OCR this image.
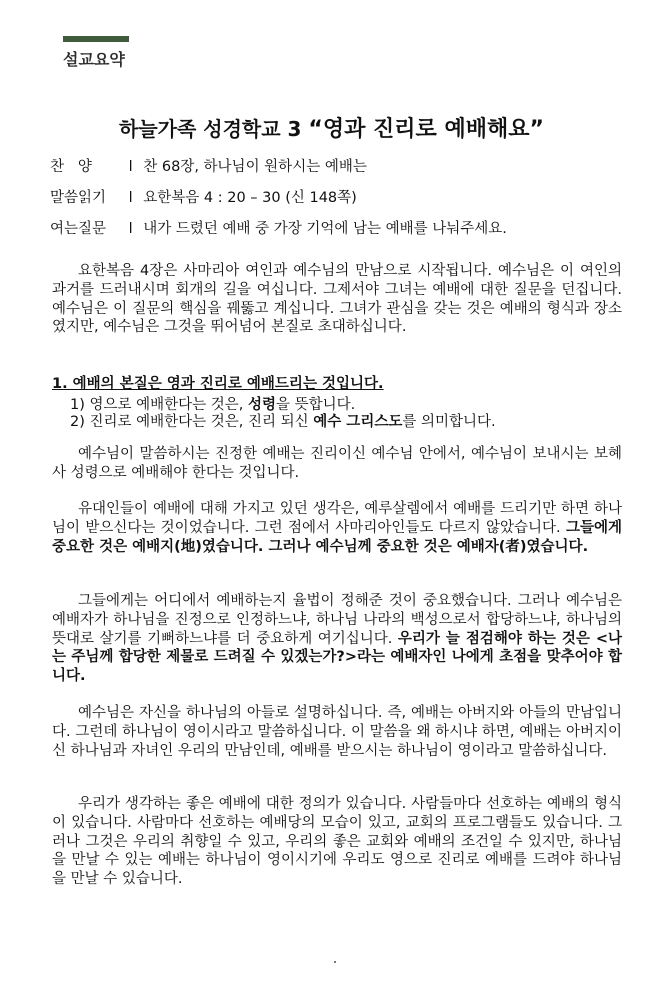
설교요약
하늘가족 성경학교 3 “영과 진리로 예배해요”
찬   양	l 찬 68장, 하나님이 원하시는 예배는
말씀읽기 l 요한복음 4 : 20 – 30 (신 148쪽)
여는질문 l 내가 드렸던 예배 중 가장 기억에 남는 예배를 나눠주세요.
요한복음 4장은 사마리아 여인과 예수님의 만남으로 시작됩니다. 예수님은 이 여인의 과거를 드러내시며 회개의 길을 여십니다. 그제서야 그녀는 예배에 대한 질문을 던집니다. 예수님은 이 질문의 핵심을 꿰뚫고 계십니다. 그녀가 관심을 갖는 것은 예배의 형식과 장소였지만, 예수님은 그것을 뛰어넘어 본질로 초대하십니다.
1. 예배의 본질은 영과 진리로 예배드리는 것입니다.
1) 영으로 예배한다는 것은, 성령을 뜻합니다.
2) 진리로 예배한다는 것은, 진리 되신 예수 그리스도를 의미합니다.
예수님이 말씀하시는 진정한 예배는 진리이신 예수님 안에서, 예수님이 보내시는 보혜사 성령으로 예배해야 한다는 것입니다.
유대인들이 예배에 대해 가지고 있던 생각은, 예루살렘에서 예배를 드리기만 하면 하나님이 받으신다는 것이었습니다. 그런 점에서 사마리아인들도 다르지 않았습니다. 그들에게 중요한 것은 예배지(地)였습니다. 그러나 예수님께 중요한 것은 예배자(者)였습니다.
그들에게는 어디에서 예배하는지 율법이 정해준 것이 중요했습니다. 그러나 예수님은 예배자가 하나님을 진정으로 인정하느냐, 하나님 나라의 백성으로서 합당하느냐, 하나님의 뜻대로 살기를 기뻐하느냐를 더 중요하게 여기십니다. 우리가 늘 점검해야 하는 것은 <나는 주님께 합당한 제물로 드려질 수 있겠는가?>라는 예배자인 나에게 초점을 맞추어야 합니다.
예수님은 자신을 하나님의 아들로 설명하십니다. 즉, 예배는 아버지와 아들의 만남입니다. 그런데 하나님이 영이시라고 말씀하십니다. 이 말씀을 왜 하시냐 하면, 예배는 아버지이신 하나님과 자녀인 우리의 만남인데, 예배를 받으시는 하나님이 영이라고 말씀하십니다.
우리가 생각하는 좋은 예배에 대한 정의가 있습니다. 사람들마다 선호하는 예배의 형식이 있습니다. 사람마다 선호하는 예배당의 모습이 있고, 교회의 프로그램들도 있습니다. 그러나 그것은 우리의 취향일 수 있고, 우리의 좋은 교회와 예배의 조건일 수 있지만, 하나님을 만날 수 있는 예배는 하나님이 영이시기에 우리도 영으로 진리로 예배를 드려야 하나님을 만날 수 있습니다.
